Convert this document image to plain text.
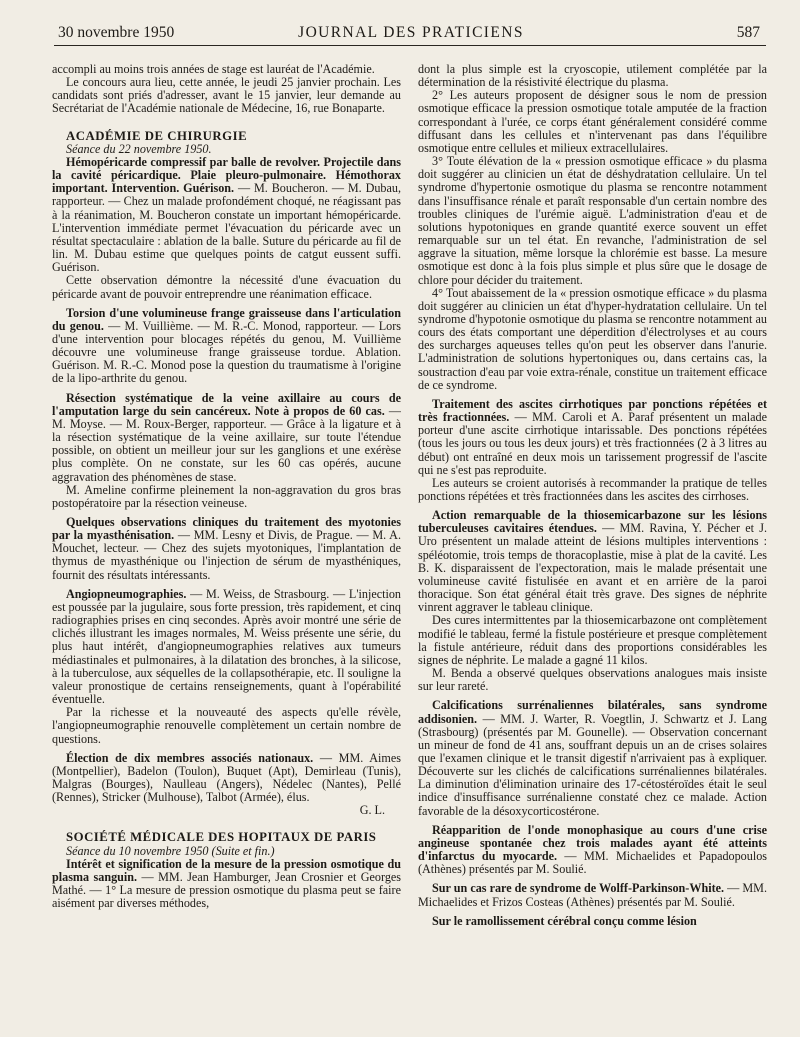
30 novembre 1950	JOURNAL DES PRATICIENS	587

accompli au moins trois années de stage est lauréat de l'Académie.

Le concours aura lieu, cette année, le jeudi 25 janvier prochain. Les candidats sont priés d'adresser, avant le 15 janvier, leur demande au Secrétariat de l'Académie nationale de Médecine, 16, rue Bonaparte.

ACADÉMIE DE CHIRURGIE

Séance du 22 novembre 1950.

Hémopéricarde compressif par balle de revolver. Projectile dans la cavité péricardique. Plaie pleuro-pulmonaire. Hémothorax important. Intervention. Guérison. — M. Boucheron. — M. Dubau, rapporteur. — Chez un malade profondément choqué, ne réagissant pas à la réanimation, M. Boucheron constate un important hémopéricarde. L'intervention immédiate permet l'évacuation du péricarde avec un résultat spectaculaire : ablation de la balle. Suture du péricarde au fil de lin. M. Dubau estime que quelques points de catgut eussent suffi. Guérison.

Cette observation démontre la nécessité d'une évacuation du péricarde avant de pouvoir entreprendre une réanimation efficace.

Torsion d'une volumineuse frange graisseuse dans l'articulation du genou. — M. Vuillième. — M. R.-C. Monod, rapporteur. — Lors d'une intervention pour blocages répétés du genou, M. Vuillième découvre une volumineuse frange graisseuse tordue. Ablation. Guérison. M. R.-C. Monod pose la question du traumatisme à l'origine de la lipo-arthrite du genou.

Résection systématique de la veine axillaire au cours de l'amputation large du sein cancéreux. Note à propos de 60 cas. — M. Moyse. — M. Roux-Berger, rapporteur. — Grâce à la ligature et à la résection systématique de la veine axillaire, sur toute l'étendue possible, on obtient un meilleur jour sur les ganglions et une exérèse plus complète. On ne constate, sur les 60 cas opérés, aucune aggravation des phénomènes de stase.

M. Ameline confirme pleinement la non-aggravation du gros bras postopératoire par la résection veineuse.

Quelques observations cliniques du traitement des myotonies par la myasthénisation. — MM. Lesny et Divis, de Prague. — M. A. Mouchet, lecteur. — Chez des sujets myotoniques, l'implantation de thymus de myasthénique ou l'injection de sérum de myasthéniques, fournit des résultats intéressants.

Angiopneumographies. — M. Weiss, de Strasbourg. — L'injection est poussée par la jugulaire, sous forte pression, très rapidement, et cinq radiographies prises en cinq secondes. Après avoir montré une série de clichés illustrant les images normales, M. Weiss présente une série, du plus haut intérêt, d'angiopneumographies relatives aux tumeurs médiastinales et pulmonaires, à la dilatation des bronches, à la silicose, à la tuberculose, aux séquelles de la collapsothérapie, etc. Il souligne la valeur pronostique de certains renseignements, quant à l'opérabilité éventuelle.

Par la richesse et la nouveauté des aspects qu'elle révèle, l'angiopneumographie renouvelle complètement un certain nombre de questions.

Élection de dix membres associés nationaux. — MM. Aimes (Montpellier), Badelon (Toulon), Buquet (Apt), Demirleau (Tunis), Malgras (Bourges), Naulleau (Angers), Nédelec (Nantes), Pellé (Rennes), Stricker (Mulhouse), Talbot (Armée), élus.

G. L.

SOCIÉTÉ MÉDICALE DES HOPITAUX DE PARIS

Séance du 10 novembre 1950 (Suite et fin.)

Intérêt et signification de la mesure de la pression osmotique du plasma sanguin. — MM. Jean Hamburger, Jean Crosnier et Georges Mathé. — 1° La mesure de pression osmotique du plasma peut se faire aisément par diverses méthodes,

dont la plus simple est la cryoscopie, utilement complétée par la détermination de la résistivité électrique du plasma.

2° Les auteurs proposent de désigner sous le nom de pression osmotique efficace la pression osmotique totale amputée de la fraction correspondant à l'urée, ce corps étant généralement considéré comme diffusant dans les cellules et n'intervenant pas dans l'équilibre osmotique entre cellules et milieux extracellulaires.

3° Toute élévation de la « pression osmotique efficace » du plasma doit suggérer au clinicien un état de déshydratation cellulaire. Un tel syndrome d'hypertonie osmotique du plasma se rencontre notamment dans l'insuffisance rénale et paraît responsable d'un certain nombre des troubles cliniques de l'urémie aiguë. L'administration d'eau et de solutions hypotoniques en grande quantité exerce souvent un effet remarquable sur un tel état. En revanche, l'administration de sel aggrave la situation, même lorsque la chlorémie est basse. La mesure osmotique est donc à la fois plus simple et plus sûre que le dosage de chlore pour décider du traitement.

4° Tout abaissement de la « pression osmotique efficace » du plasma doit suggérer au clinicien un état d'hyper-hydratation cellulaire. Un tel syndrome d'hypotonie osmotique du plasma se rencontre notamment au cours des états comportant une déperdition d'électrolyses et au cours des surcharges aqueuses telles qu'on peut les observer dans l'anurie. L'administration de solutions hypertoniques ou, dans certains cas, la soustraction d'eau par voie extra-rénale, constitue un traitement efficace de ce syndrome.

Traitement des ascites cirrhotiques par ponctions répétées et très fractionnées. — MM. Caroli et A. Paraf présentent un malade porteur d'une ascite cirrhotique intarissable. Des ponctions répétées (tous les jours ou tous les deux jours) et très fractionnées (2 à 3 litres au début) ont entraîné en deux mois un tarissement progressif de l'ascite qui ne s'est pas reproduite.

Les auteurs se croient autorisés à recommander la pratique de telles ponctions répétées et très fractionnées dans les ascites des cirrhoses.

Action remarquable de la thiosemicarbazone sur les lésions tuberculeuses cavitaires étendues. — MM. Ravina, Y. Pécher et J. Uro présentent un malade atteint de lésions multiples interventions : spéléotomie, trois temps de thoracoplastie, mise à plat de la cavité. Les B. K. disparaissent de l'expectoration, mais le malade présentait une volumineuse cavité fistulisée en avant et en arrière de la paroi thoracique. Son état général était très grave. Des signes de néphrite vinrent aggraver le tableau clinique.

Des cures intermittentes par la thiosemicarbazone ont complètement modifié le tableau, fermé la fistule postérieure et presque complètement la fistule antérieure, réduit dans des proportions considérables les signes de néphrite. Le malade a gagné 11 kilos.

M. Benda a observé quelques observations analogues mais insiste sur leur rareté.

Calcifications surrénaliennes bilatérales, sans syndrome addisonien. — MM. J. Warter, R. Voegtlin, J. Schwartz et J. Lang (Strasbourg) (présentés par M. Gounelle). — Observation concernant un mineur de fond de 41 ans, souffrant depuis un an de crises solaires que l'examen clinique et le transit digestif n'arrivaient pas à expliquer. Découverte sur les clichés de calcifications surrénaliennes bilatérales. La diminution d'élimination urinaire des 17-cétostéroïdes était le seul indice d'insuffisance surrénalienne constaté chez ce malade. Action favorable de la désoxycorticostérone.

Réapparition de l'onde monophasique au cours d'une crise angineuse spontanée chez trois malades ayant été atteints d'infarctus du myocarde. — MM. Michaelides et Papadopoulos (Athènes) présentés par M. Soulié.

Sur un cas rare de syndrome de Wolff-Parkinson-White. — MM. Michaelides et Frizos Costeas (Athènes) présentés par M. Soulié.

Sur le ramollissement cérébral conçu comme lésion
